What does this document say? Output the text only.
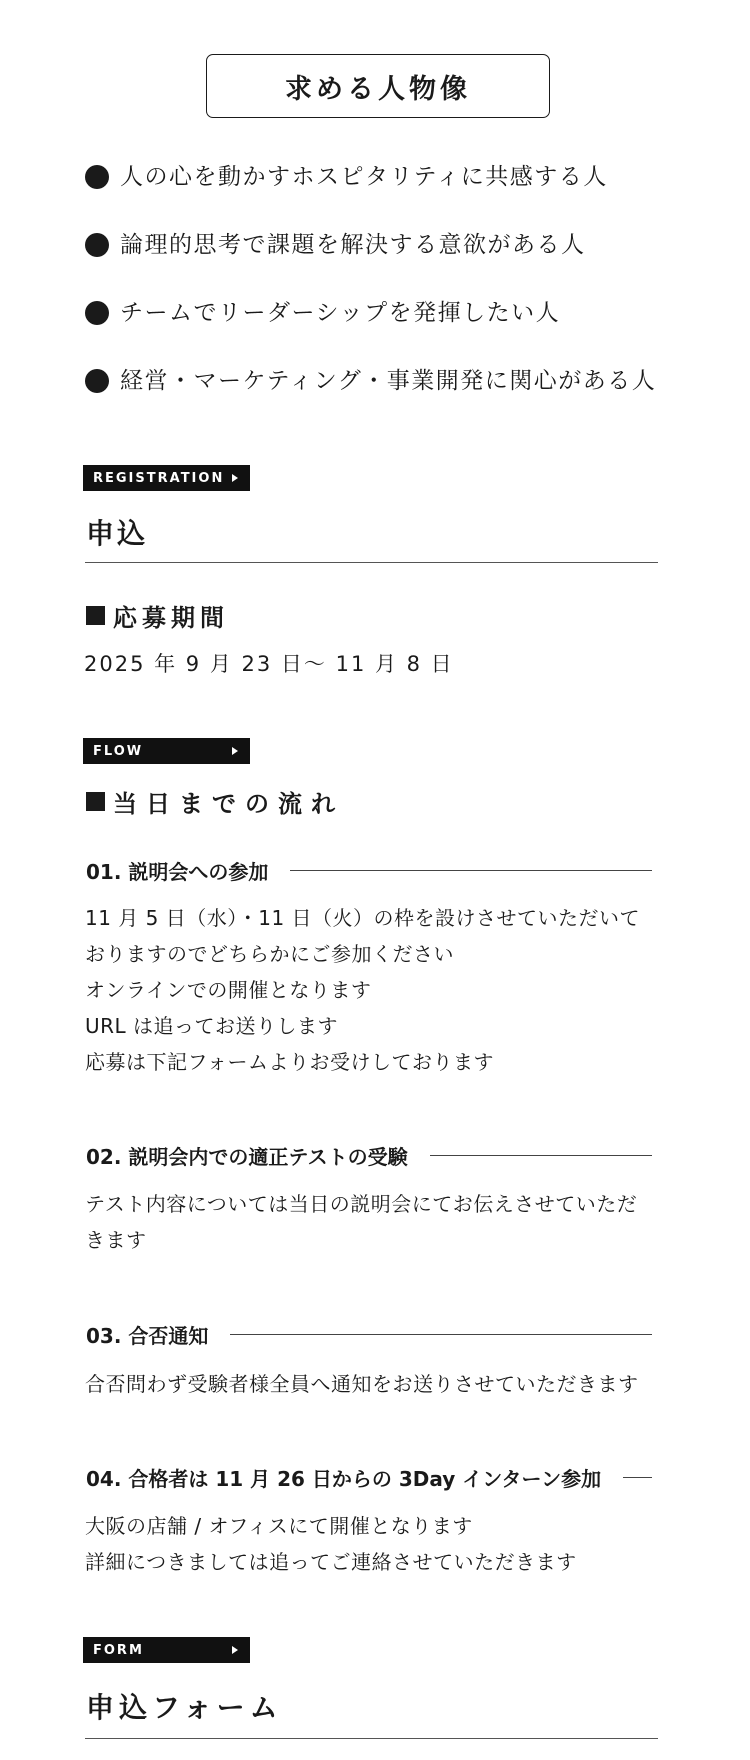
求める人物像
人の心を動かすホスピタリティに共感する人
論理的思考で課題を解決する意欲がある人
チームでリーダーシップを発揮したい人
経営・マーケティング・事業開発に関心がある人
REGISTRATION
申込
応募期間
2025 年 9 月 23 日〜 11 月 8 日
FLOW
当日までの流れ
01. 説明会への参加

11 月 5 日（水）・11 日（火）の枠を設けさせていただいて

おりますのでどちらかにご参加ください

オンラインでの開催となります

URL は追ってお送りします

応募は下記フォームよりお受けしております

02. 説明会内での適正テストの受験

テスト内容については当日の説明会にてお伝えさせていただ

きます

03. 合否通知

合否問わず受験者様全員へ通知をお送りさせていただきます

04. 合格者は 11 月 26 日からの 3Day インターン参加

大阪の店舗 / オフィスにて開催となります

詳細につきましては追ってご連絡させていただきます

FORM
申込フォーム
